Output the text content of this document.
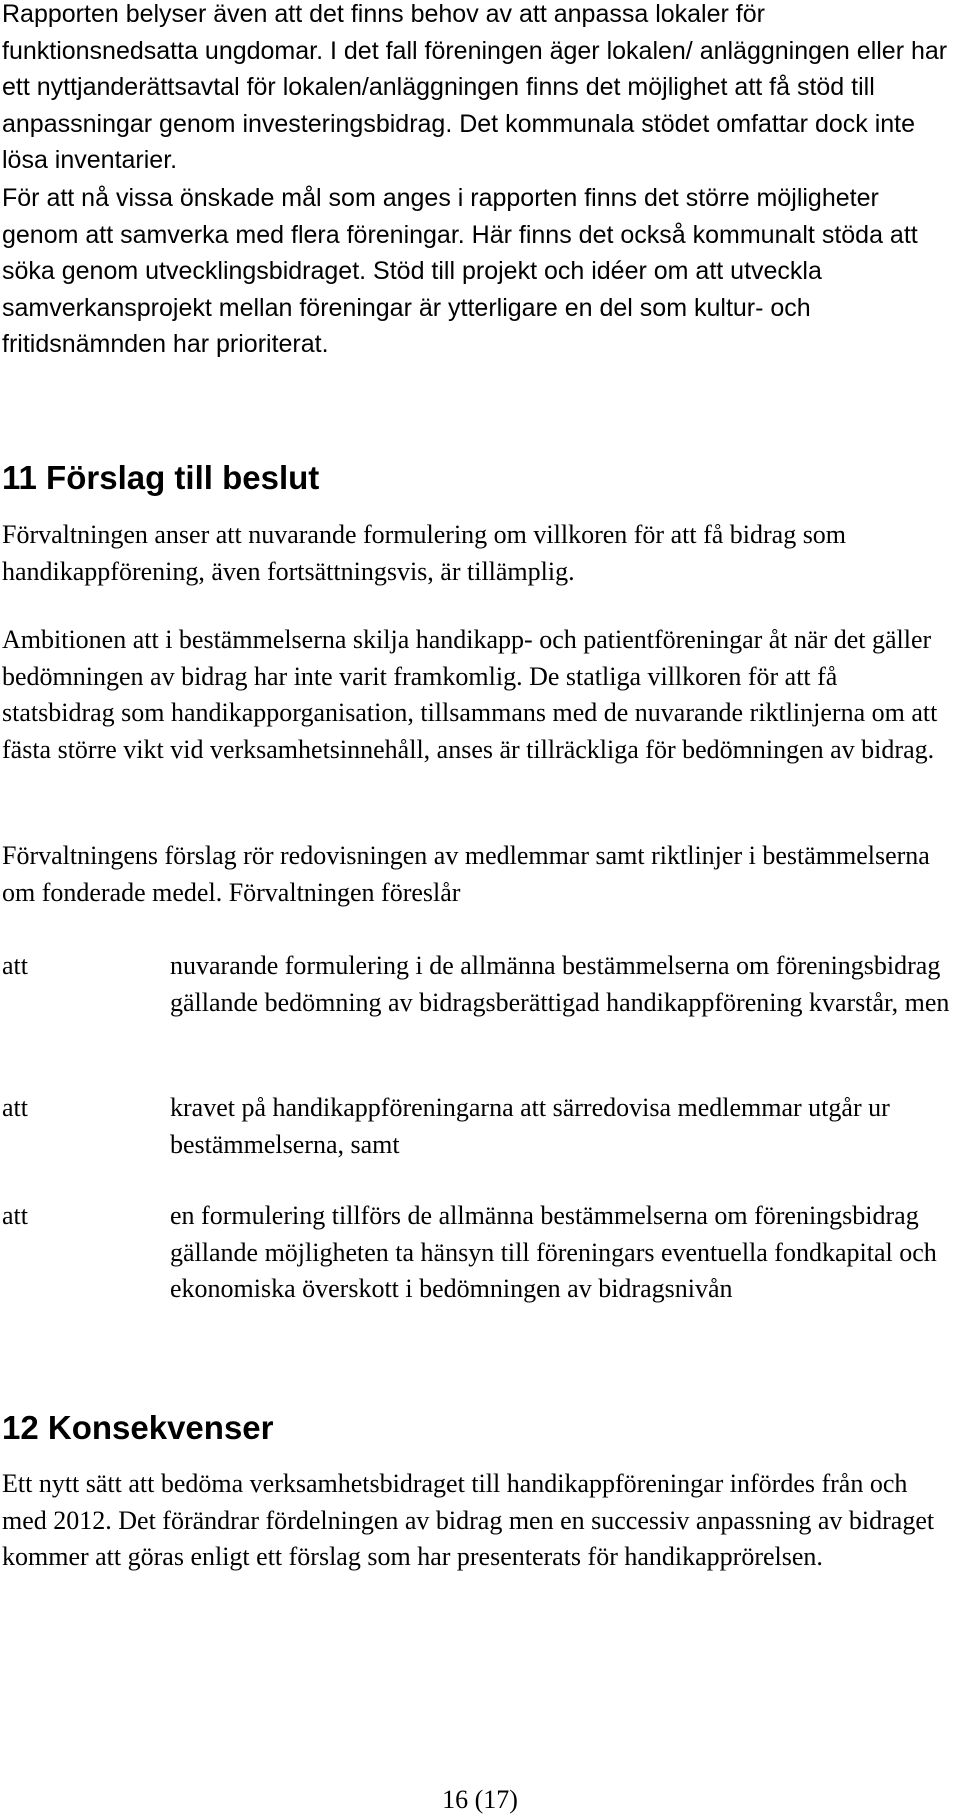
Rapporten belyser även att det finns behov av att anpassa lokaler för funktionsnedsatta ungdomar. I det fall föreningen äger lokalen/ anläggningen eller har ett nyttjanderättsavtal för lokalen/anläggningen finns det möjlighet att få stöd till anpassningar genom investeringsbidrag. Det kommunala stödet omfattar dock inte lösa inventarier.

För att nå vissa önskade mål som anges i rapporten finns det större möjligheter genom att samverka med flera föreningar. Här finns det också kommunalt stöda att söka genom utvecklingsbidraget. Stöd till projekt och idéer om att utveckla samverkansprojekt mellan föreningar är ytterligare en del som kultur- och fritidsnämnden har prioriterat.

11 Förslag till beslut

Förvaltningen anser att nuvarande formulering om villkoren för att få bidrag som handikappförening, även fortsättningsvis, är tillämplig.

Ambitionen att i bestämmelserna skilja handikapp- och patientföreningar åt när det gäller bedömningen av bidrag har inte varit framkomlig. De statliga villkoren för att få statsbidrag som handikapporganisation, tillsammans med de nuvarande riktlinjerna om att fästa större vikt vid verksamhetsinnehåll, anses är tillräckliga för bedömningen av bidrag.

Förvaltningens förslag rör redovisningen av medlemmar samt riktlinjer i bestämmelserna om fonderade medel. Förvaltningen föreslår

att	nuvarande formulering i de allmänna bestämmelserna om föreningsbidrag gällande bedömning av bidragsberättigad handikappförening kvarstår, men
att	kravet på handikappföreningarna att särredovisa medlemmar utgår ur bestämmelserna, samt
att	en formulering tillförs de allmänna bestämmelserna om föreningsbidrag gällande möjligheten ta hänsyn till föreningars eventuella fondkapital och ekonomiska överskott i bedömningen av bidragsnivån
12 Konsekvenser

Ett nytt sätt att bedöma verksamhetsbidraget till handikappföreningar infördes från och med 2012. Det förändrar fördelningen av bidrag men en successiv anpassning av bidraget kommer att göras enligt ett förslag som har presenterats för handikapprörelsen.

16 (17)
